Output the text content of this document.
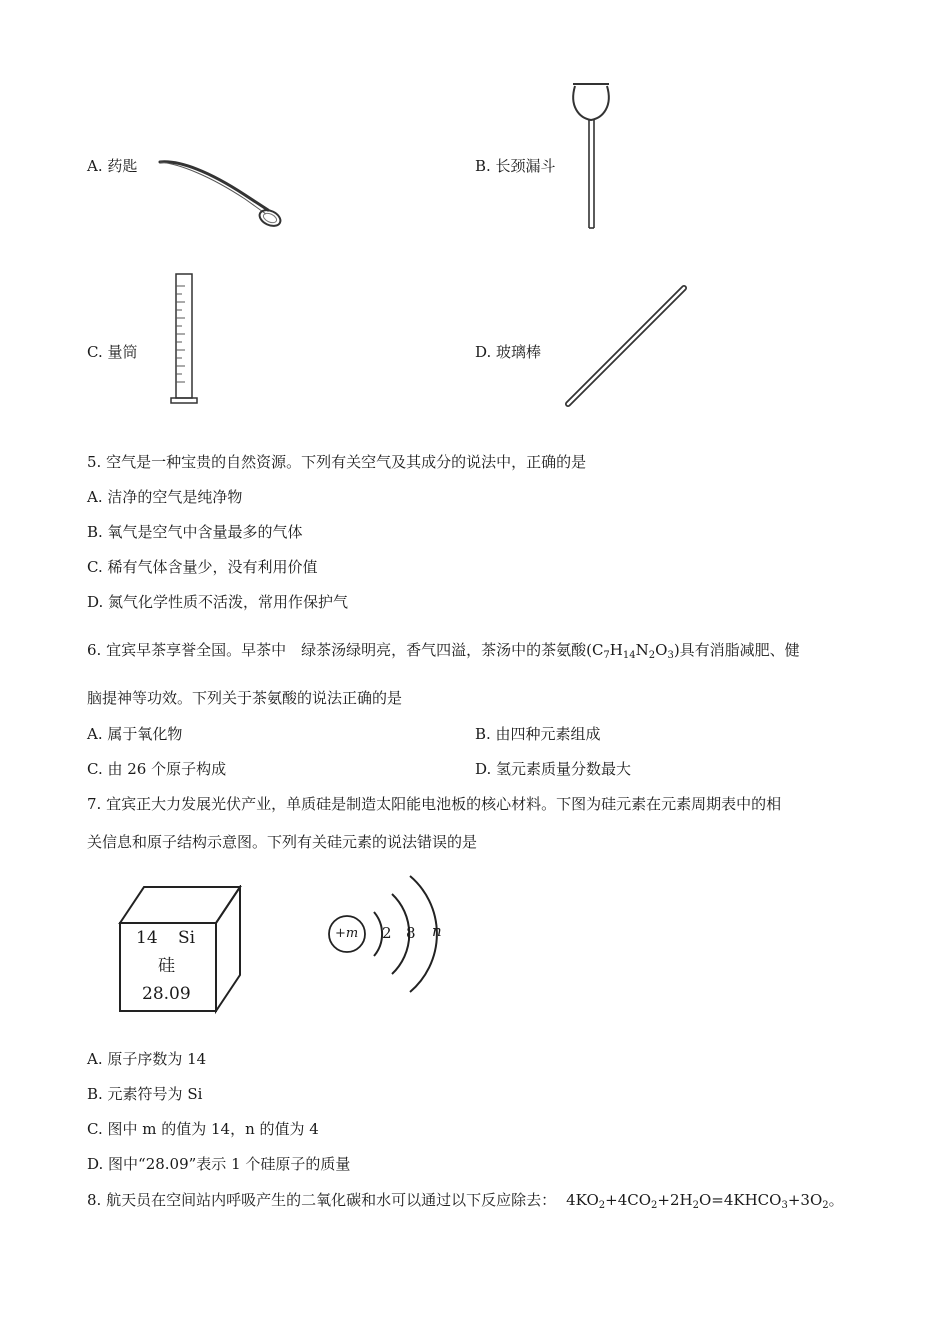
A. 药匙	B. 长颈漏斗
C. 量筒	D. 玻璃棒
5. 空气是一种宝贵的自然资源。下列有关空气及其成分的说法中，正确的是
A. 洁净的空气是纯净物
B. 氧气是空气中含量最多的气体
C. 稀有气体含量少，没有利用价值
D. 氮气化学性质不活泼，常用作保护气
6. 宜宾早茶享誉全国。早茶中　绿茶汤绿明亮，香气四溢，茶汤中的茶氨酸$(C_7H_{14}N_2O_3)$具有消脂减肥、健
脑提神等功效。下列关于茶氨酸的说法正确的是
A. 属于氧化物	B. 由四种元素组成
C. 由 26 个原子构成	D. 氢元素质量分数最大
7. 宜宾正大力发展光伏产业，单质硅是制造太阳能电池板的核心材料。下图为硅元素在元素周期表中的相
关信息和原子结构示意图。下列有关硅元素的说法错误的是
14 Si
硅
28.09
+m 2 8 n
A. 原子序数为 14
B. 元素符号为 Si
C. 图中 m 的值为 14，n 的值为 4
D. 图中“28.09”表示 1 个硅原子的质量
8. 航天员在空间站内呼吸产生的二氧化碳和水可以通过以下反应除去： $4KO_2+4CO_2+2H_2O=4KHCO_3+3O_2$。
